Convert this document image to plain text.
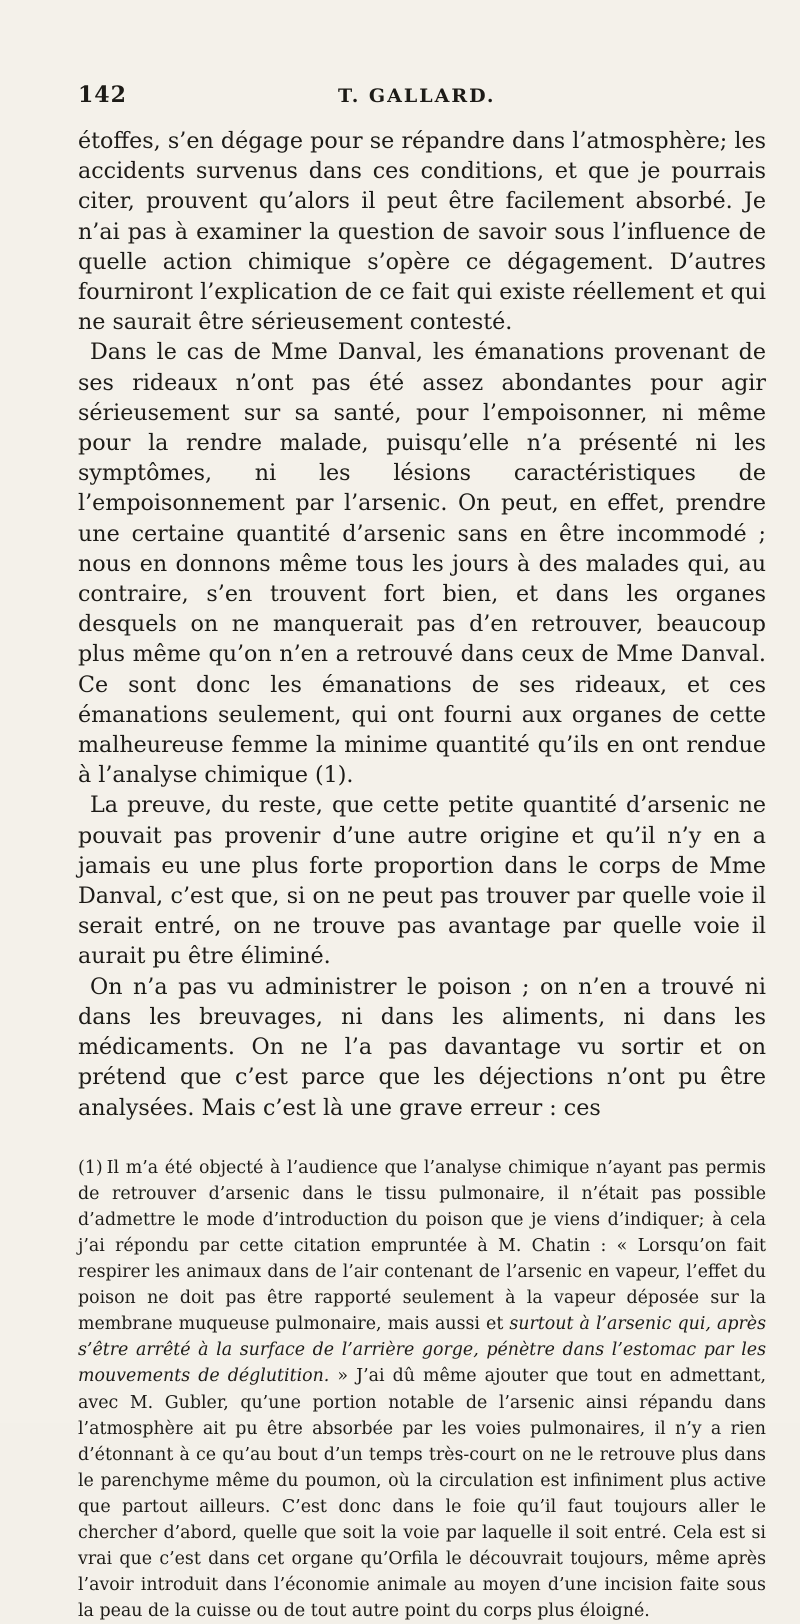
142	T. GALLARD.

étoffes, s’en dégage pour se répandre dans l’atmosphère; les accidents survenus dans ces conditions, et que je pourrais citer, prouvent qu’alors il peut être facilement absorbé. Je n’ai pas à examiner la question de savoir sous l’influence de quelle action chimique s’opère ce dégagement. D’autres fourniront l’explication de ce fait qui existe réellement et qui ne saurait être sérieusement contesté.

Dans le cas de Mme Danval, les émanations provenant de ses rideaux n’ont pas été assez abondantes pour agir sérieusement sur sa santé, pour l’empoisonner, ni même pour la rendre malade, puisqu’elle n’a présenté ni les symptômes, ni les lésions caractéristiques de l’empoisonnement par l’arsenic. On peut, en effet, prendre une certaine quantité d’arsenic sans en être incommodé ; nous en donnons même tous les jours à des malades qui, au contraire, s’en trouvent fort bien, et dans les organes desquels on ne manquerait pas d’en retrouver, beaucoup plus même qu’on n’en a retrouvé dans ceux de Mme Danval. Ce sont donc les émanations de ses rideaux, et ces émanations seulement, qui ont fourni aux organes de cette malheureuse femme la minime quantité qu’ils en ont rendue à l’analyse chimique (1).

La preuve, du reste, que cette petite quantité d’arsenic ne pouvait pas provenir d’une autre origine et qu’il n’y en a jamais eu une plus forte proportion dans le corps de Mme Danval, c’est que, si on ne peut pas trouver par quelle voie il serait entré, on ne trouve pas avantage par quelle voie il aurait pu être éliminé.

On n’a pas vu administrer le poison ; on n’en a trouvé ni dans les breuvages, ni dans les aliments, ni dans les médicaments. On ne l’a pas davantage vu sortir et on prétend que c’est parce que les déjections n’ont pu être analysées. Mais c’est là une grave erreur : ces

(1) Il m’a été objecté à l’audience que l’analyse chimique n’ayant pas permis de retrouver d’arsenic dans le tissu pulmonaire, il n’était pas possible d’admettre le mode d’introduction du poison que je viens d’indiquer; à cela j’ai répondu par cette citation empruntée à M. Chatin : « Lorsqu’on fait respirer les animaux dans de l’air contenant de l’arsenic en vapeur, l’effet du poison ne doit pas être rapporté seulement à la vapeur déposée sur la membrane muqueuse pulmonaire, mais aussi et surtout à l’arsenic qui, après s’être arrêté à la surface de l’arrière gorge, pénètre dans l’estomac par les mouvements de déglutition. » J’ai dû même ajouter que tout en admettant, avec M. Gubler, qu’une portion notable de l’arsenic ainsi répandu dans l’atmosphère ait pu être absorbée par les voies pulmonaires, il n’y a rien d’étonnant à ce qu’au bout d’un temps très-court on ne le retrouve plus dans le parenchyme même du poumon, où la circulation est infiniment plus active que partout ailleurs. C’est donc dans le foie qu’il faut toujours aller le chercher d’abord, quelle que soit la voie par laquelle il soit entré. Cela est si vrai que c’est dans cet organe qu’Orfila le découvrait toujours, même après l’avoir introduit dans l’économie animale au moyen d’une incision faite sous la peau de la cuisse ou de tout autre point du corps plus éloigné.
